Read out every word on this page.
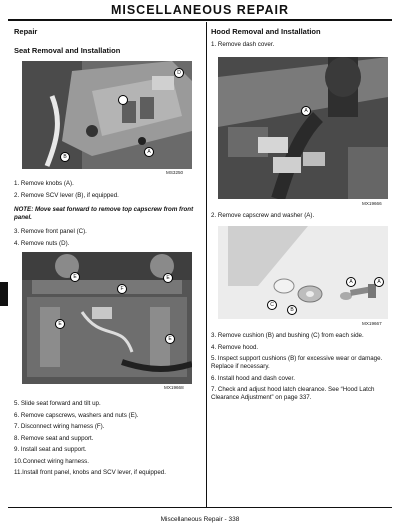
MISCELLANEOUS REPAIR
Repair
Seat Removal and Installation
D
A
B
MS3250
1. Remove knobs (A).
2. Remove SCV lever (B), if equipped.
NOTE: Move seat forward to remove top capscrew from front panel.
3. Remove front panel (C).
4. Remove nuts (D).
E	E
F
E
E
MX19668
5. Slide seat forward and tilt up.
6. Remove capscrews, washers and nuts (E).
7. Disconnect wiring harness (F).
8. Remove seat and support.
9. Install seat and support.
10.Connect wiring harness.
11.Install front panel, knobs and SCV lever, if equipped.
Hood Removal and Installation
1. Remove dash cover.
A
MX19666
2. Remove capscrew and washer (A).
A	A
B
C
MX19667
3. Remove cushion (B) and bushing (C) from each side.
4. Remove hood.
5. Inspect support cushions (B) for excessive wear or damage. Replace if necessary.
6. Install hood and dash cover.
7. Check and adjust hood latch clearance. See “Hood Latch Clearance Adjustment” on page 337.
Miscellaneous Repair - 338
